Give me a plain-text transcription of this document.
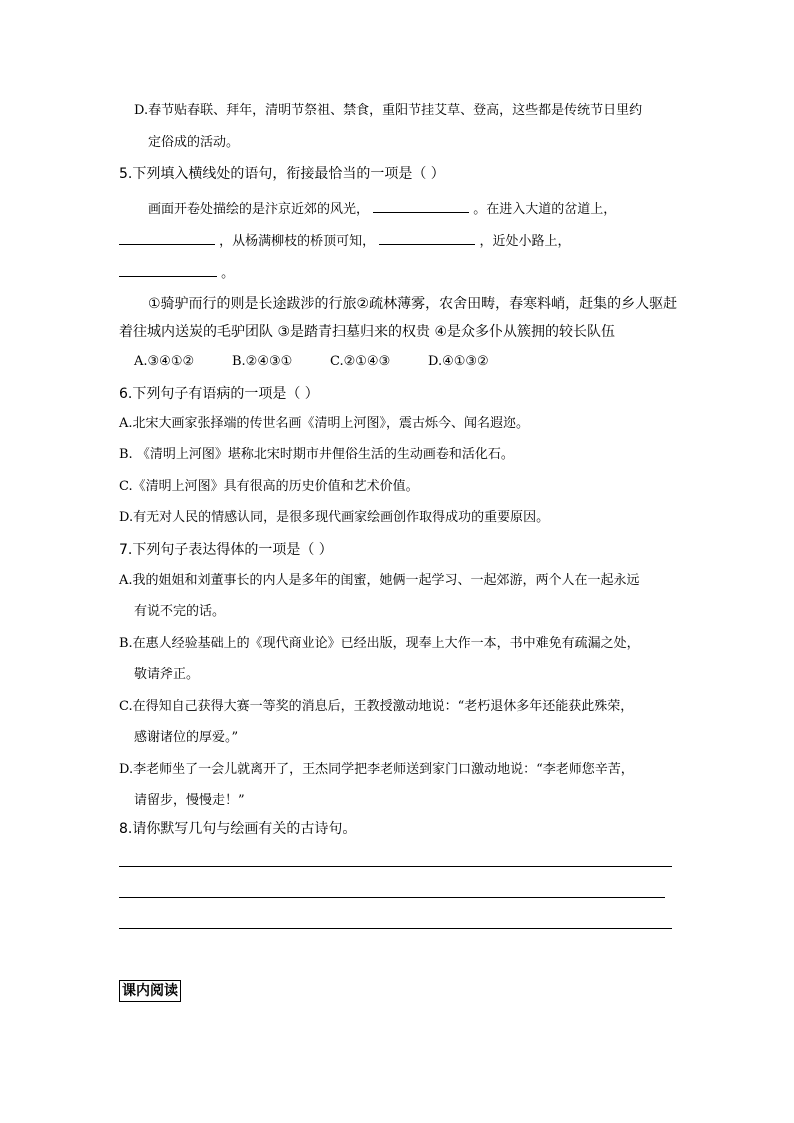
D.春节贴春联、拜年，清明节祭祖、禁食，重阳节挂艾草、登高，这些都是传统节日里约
定俗成的活动。
5.下列填入横线处的语句，衔接最恰当的一项是（ ）
画面开卷处描绘的是汴京近郊的风光，	。在进入大道的岔道上，
，从杨满柳枝的桥顶可知，	，近处小路上，
。
①骑驴而行的则是长途跋涉的行旅②疏林薄雾，农舍田畴，春寒料峭，赶集的乡人驱赶
着往城内送炭的毛驴团队 ③是踏青扫墓归来的权贵 ④是众多仆从簇拥的较长队伍
A.③④①②	B.②④③①	C.②①④③	D.④①③②
6.下列句子有语病的一项是（ ）
A.北宋大画家张择端的传世名画《清明上河图》，震古烁今、闻名遐迩。
B. 《清明上河图》堪称北宋时期市井俚俗生活的生动画卷和活化石。
C.《清明上河图》具有很高的历史价值和艺术价值。
D.有无对人民的情感认同，是很多现代画家绘画创作取得成功的重要原因。
7.下列句子表达得体的一项是（ ）
A.我的姐姐和刘董事长的内人是多年的闺蜜，她俩一起学习、一起郊游，两个人在一起永远
有说不完的话。
B.在惠人经验基础上的《现代商业论》已经出版，现奉上大作一本，书中难免有疏漏之处，
敬请斧正。
C.在得知自己获得大赛一等奖的消息后，王教授激动地说：“老朽退休多年还能获此殊荣，
感谢诸位的厚爱。”
D.李老师坐了一会儿就离开了，王杰同学把李老师送到家门口激动地说：“李老师您辛苦，
请留步，慢慢走！”
8.请你默写几句与绘画有关的古诗句。
课内阅读
